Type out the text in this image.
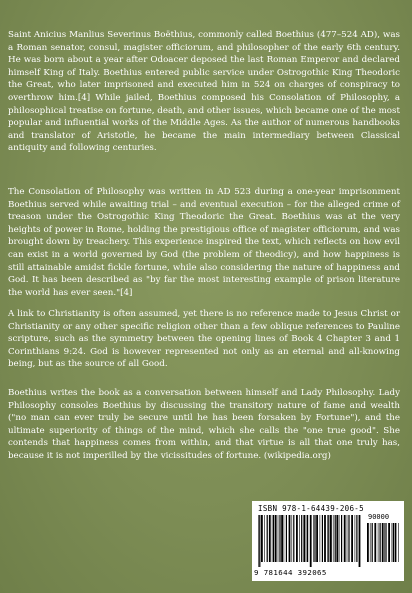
Saint Anicius Manlius Severinus Boëthius, commonly called Boethius (477–524 AD), was a Roman senator, consul, magister officiorum, and philosopher of the early 6th century. He was born about a year after Odoacer deposed the last Roman Emperor and declared himself King of Italy. Boethius entered public service under Ostrogothic King Theodoric the Great, who later imprisoned and executed him in 524 on charges of conspiracy to overthrow him.[4] While jailed, Boethius composed his Consolation of Philosophy, a philosophical treatise on fortune, death, and other issues, which became one of the most popular and influential works of the Middle Ages. As the author of numerous handbooks and translator of Aristotle, he became the main intermediary between Classical antiquity and following centuries.
The Consolation of Philosophy was written in AD 523 during a one-year imprisonment Boethius served while awaiting trial – and eventual execution – for the alleged crime of treason under the Ostrogothic King Theodoric the Great. Boethius was at the very heights of power in Rome, holding the prestigious office of magister officiorum, and was brought down by treachery. This experience inspired the text, which reflects on how evil can exist in a world governed by God (the problem of theodicy), and how happiness is still attainable amidst fickle fortune, while also considering the nature of happiness and God. It has been described as "by far the most interesting example of prison literature the world has ever seen."[4]
A link to Christianity is often assumed, yet there is no reference made to Jesus Christ or Christianity or any other specific religion other than a few oblique references to Pauline scripture, such as the symmetry between the opening lines of Book 4 Chapter 3 and 1 Corinthians 9:24. God is however represented not only as an eternal and all-knowing being, but as the source of all Good.
Boethius writes the book as a conversation between himself and Lady Philosophy. Lady Philosophy consoles Boethius by discussing the transitory nature of fame and wealth ("no man can ever truly be secure until he has been forsaken by Fortune"), and the ultimate superiority of things of the mind, which she calls the "one true good". She contends that happiness comes from within, and that virtue is all that one truly has, because it is not imperilled by the vicissitudes of fortune. (wikipedia.org)
ISBN 978-1-64439-206-5
90000
9 781644 392065
